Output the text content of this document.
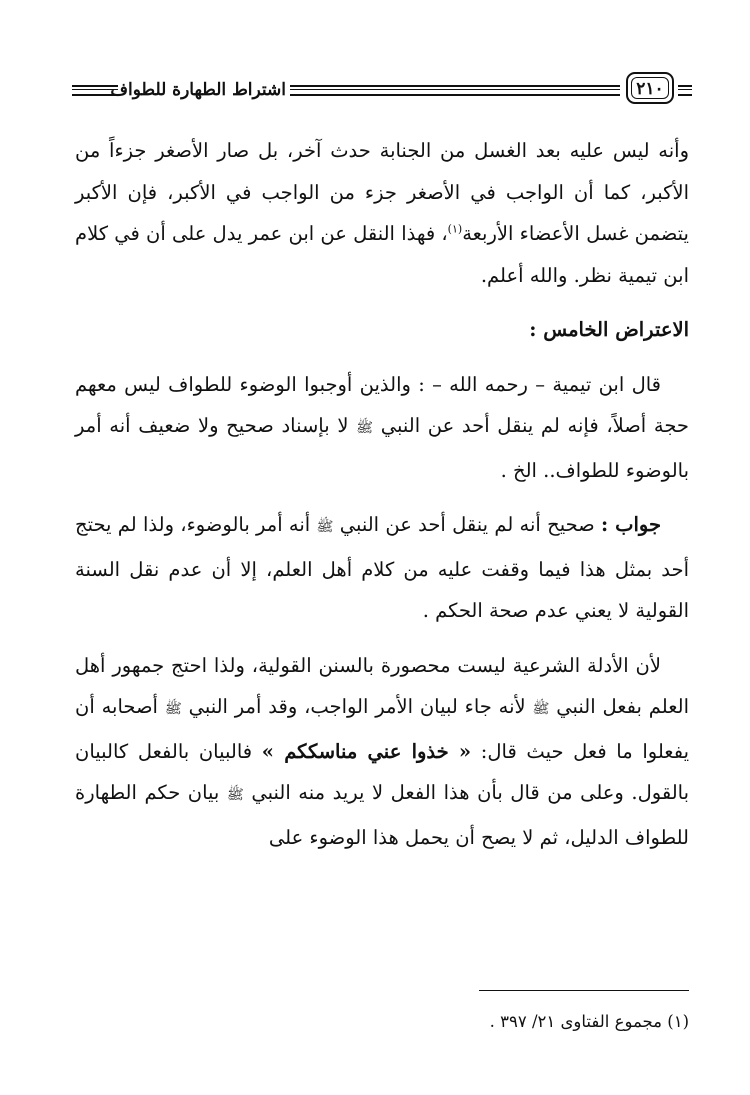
اشتراط الطهارة للطواف	٢١٠

وأنه ليس عليه بعد الغسل من الجنابة حدث آخر، بل صار الأصغر جزءاً من الأكبر، كما أن الواجب في الأصغر جزء من الواجب في الأكبر، فإن الأكبر يتضمن غسل الأعضاء الأربعة$^{(١)}$، فهذا النقل عن ابن عمر يدل على أن في كلام ابن تيمية نظر. والله أعلم.

الاعتراض الخامس :

قال ابن تيمية – رحمه الله – : والذين أوجبوا الوضوء للطواف ليس معهم حجة أصلاً، فإنه لم ينقل أحد عن النبي ﷺ لا بإسناد صحيح ولا ضعيف أنه أمر بالوضوء للطواف.. الخ .

جواب : صحيح أنه لم ينقل أحد عن النبي ﷺ أنه أمر بالوضوء، ولذا لم يحتج أحد بمثل هذا فيما وقفت عليه من كلام أهل العلم، إلا أن عدم نقل السنة القولية لا يعني عدم صحة الحكم .

لأن الأدلة الشرعية ليست محصورة بالسنن القولية، ولذا احتج جمهور أهل العلم بفعل النبي ﷺ لأنه جاء لبيان الأمر الواجب، وقد أمر النبي ﷺ أصحابه أن يفعلوا ما فعل حيث قال: « خذوا عني مناسككم » فالبيان بالفعل كالبيان بالقول. وعلى من قال بأن هذا الفعل لا يريد منه النبي ﷺ بيان حكم الطهارة للطواف الدليل، ثم لا يصح أن يحمل هذا الوضوء على

(١) مجموع الفتاوى ٢١/ ٣٩٧ .
